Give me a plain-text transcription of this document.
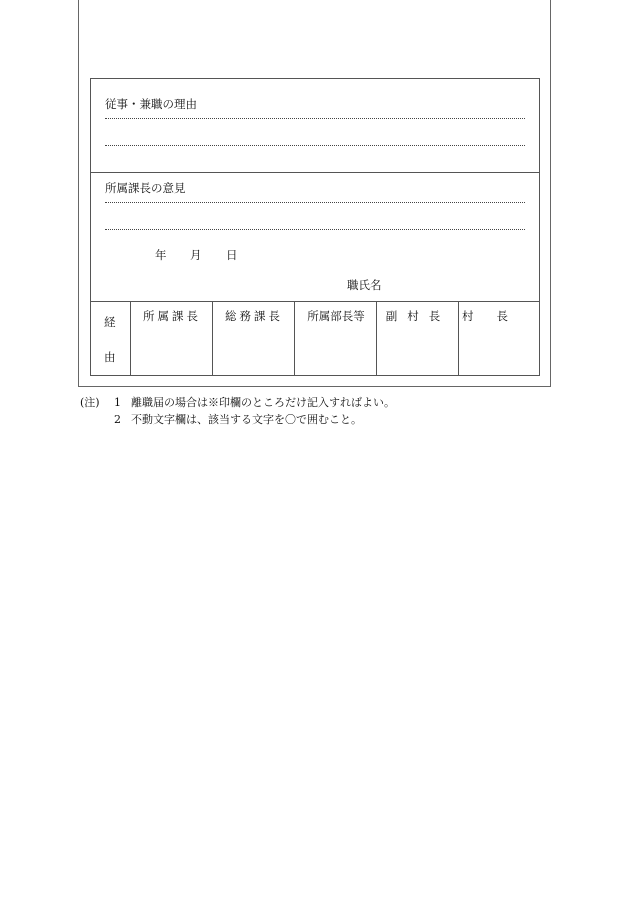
従事・兼職の理由
所属課長の意見
年 月 日
職氏名
経
由
所属課長	総務課長	所属部長等	副村長	村　　長
(注) 1 離職届の場合は※印欄のところだけ記入すればよい。
2 不動文字欄は、該当する文字を〇で囲むこと。
